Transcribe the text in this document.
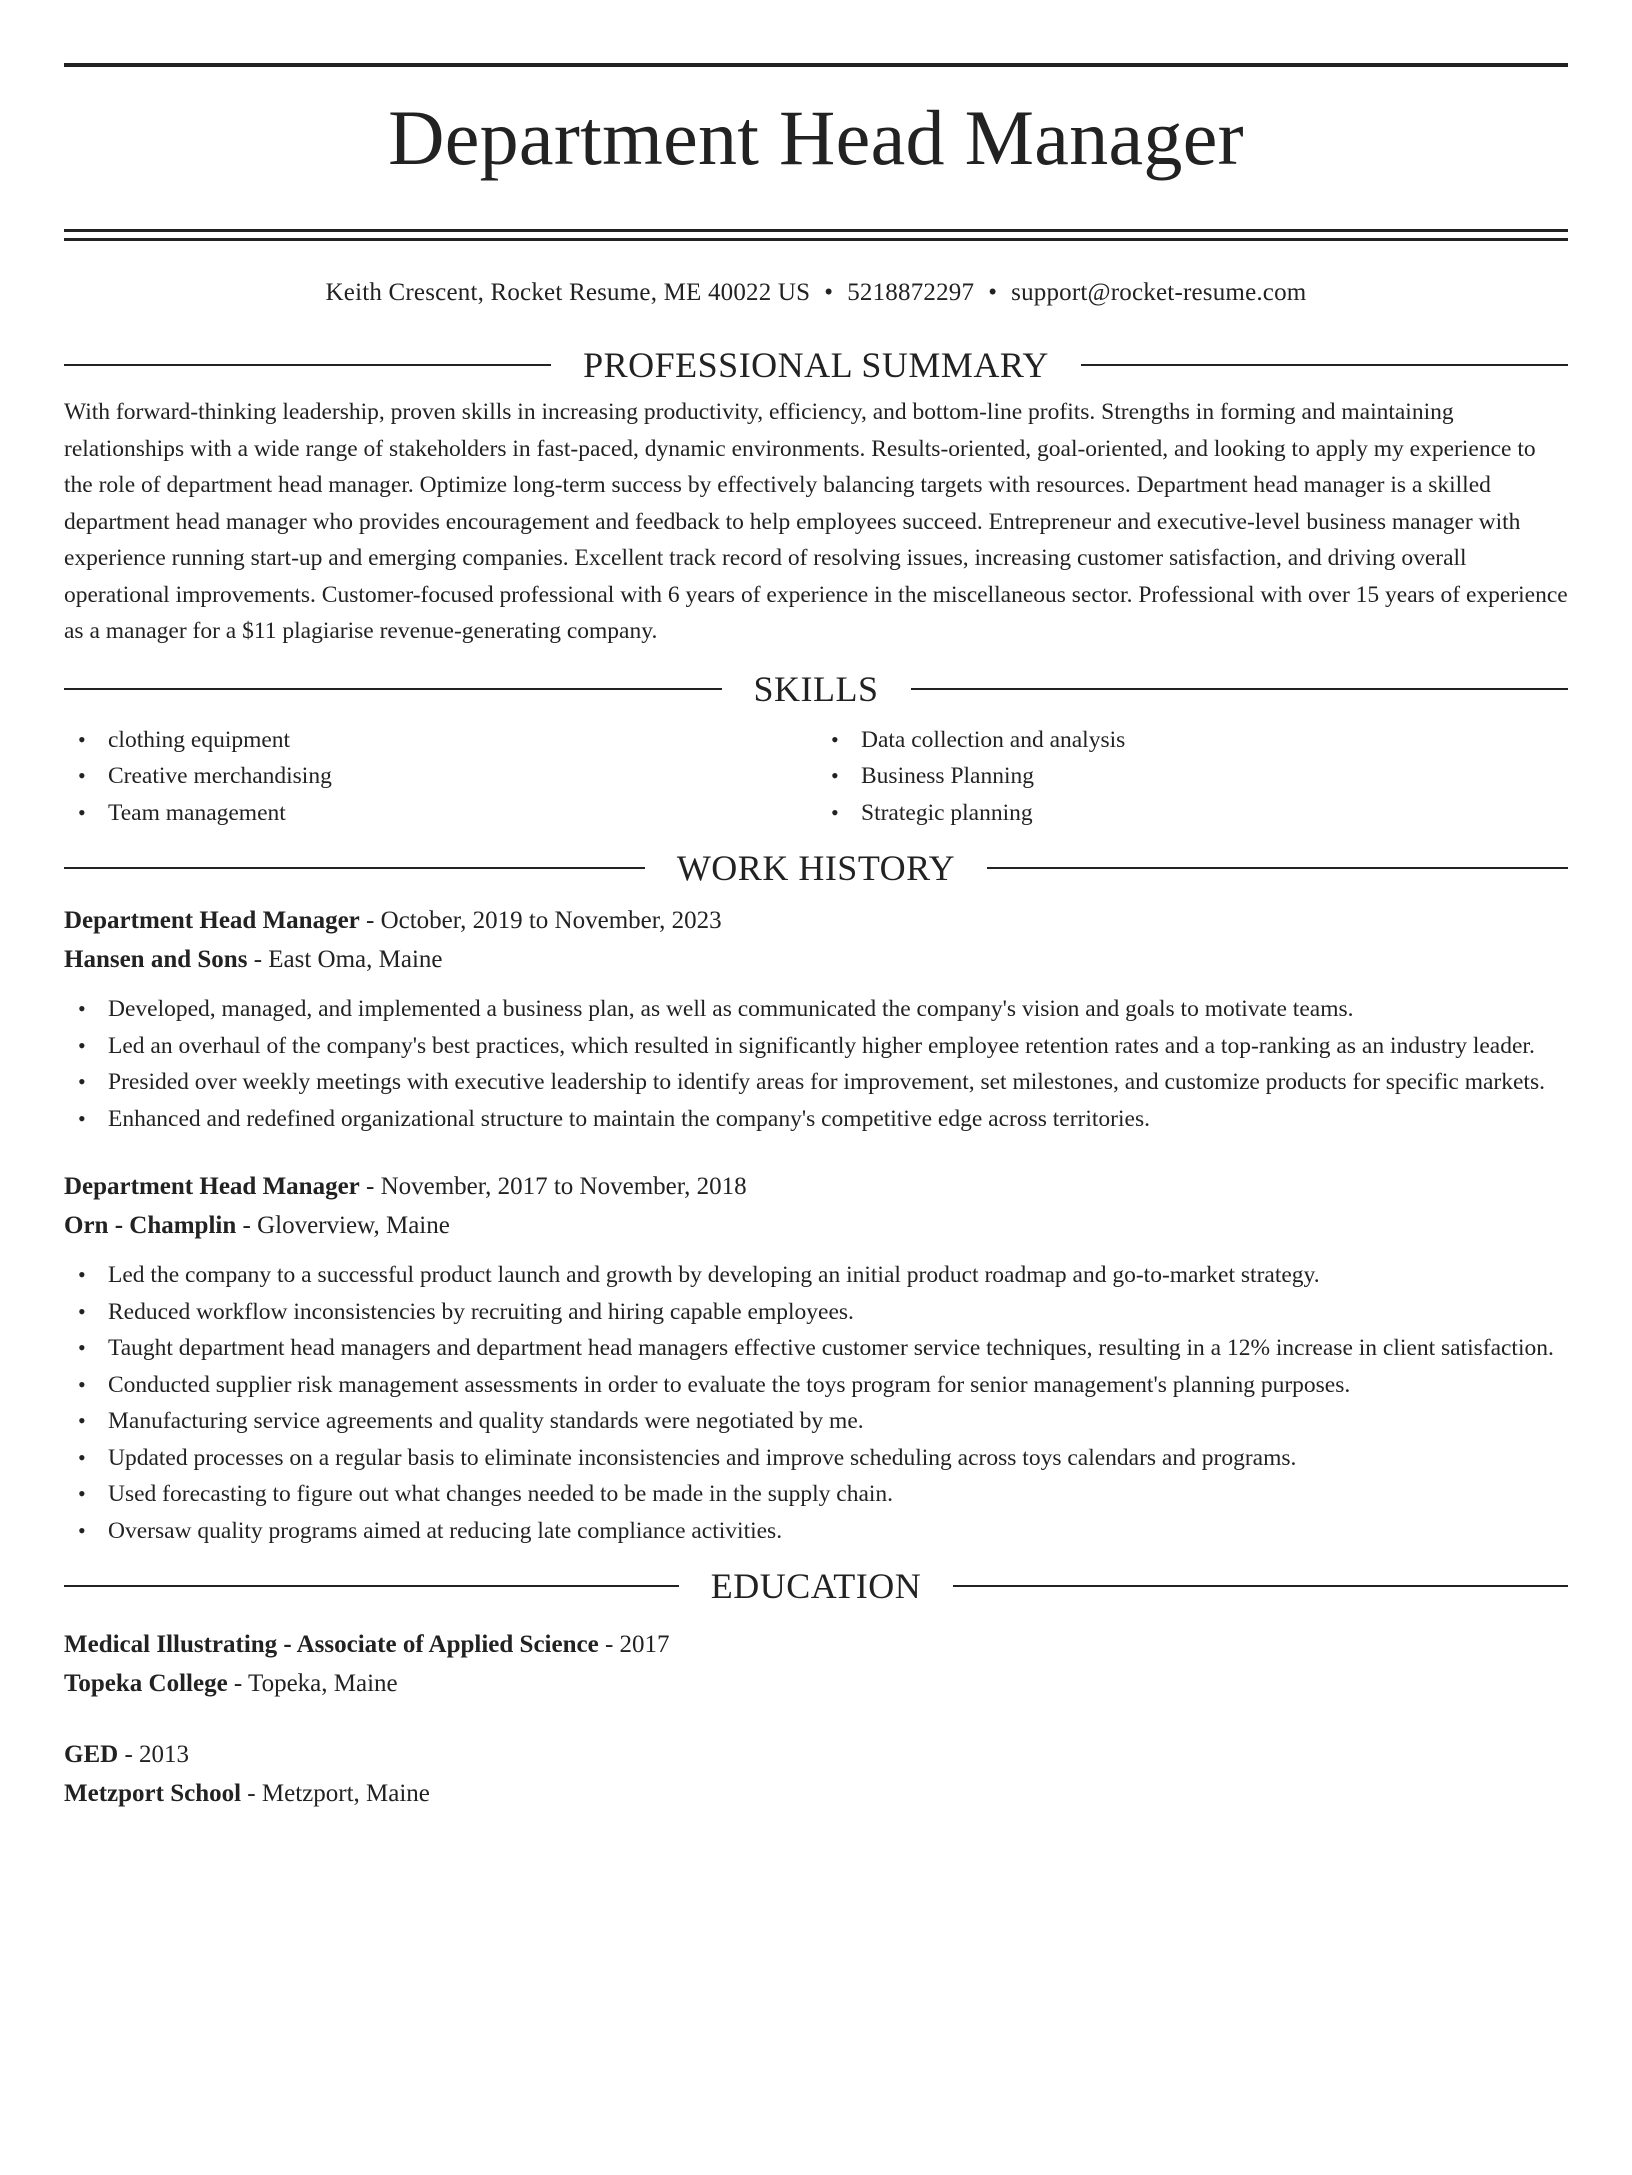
Department Head Manager
Keith Crescent, Rocket Resume, ME 40022 US • 5218872297 • support@rocket-resume.com
PROFESSIONAL SUMMARY
With forward-thinking leadership, proven skills in increasing productivity, efficiency, and bottom-line profits. Strengths in forming and maintaining relationships with a wide range of stakeholders in fast-paced, dynamic environments. Results-oriented, goal-oriented, and looking to apply my experience to the role of department head manager. Optimize long-term success by effectively balancing targets with resources. Department head manager is a skilled department head manager who provides encouragement and feedback to help employees succeed. Entrepreneur and executive-level business manager with experience running start-up and emerging companies. Excellent track record of resolving issues, increasing customer satisfaction, and driving overall operational improvements. Customer-focused professional with 6 years of experience in the miscellaneous sector. Professional with over 15 years of experience as a manager for a $11 plagiarise revenue-generating company.
SKILLS
• clothing equipment
• Creative merchandising
• Team management
• Data collection and analysis
• Business Planning
• Strategic planning
WORK HISTORY
Department Head Manager - October, 2019 to November, 2023
Hansen and Sons - East Oma, Maine
• Developed, managed, and implemented a business plan, as well as communicated the company's vision and goals to motivate teams.
• Led an overhaul of the company's best practices, which resulted in significantly higher employee retention rates and a top-ranking as an industry leader.
• Presided over weekly meetings with executive leadership to identify areas for improvement, set milestones, and customize products for specific markets.
• Enhanced and redefined organizational structure to maintain the company's competitive edge across territories.
Department Head Manager - November, 2017 to November, 2018
Orn - Champlin - Gloverview, Maine
• Led the company to a successful product launch and growth by developing an initial product roadmap and go-to-market strategy.
• Reduced workflow inconsistencies by recruiting and hiring capable employees.
• Taught department head managers and department head managers effective customer service techniques, resulting in a 12% increase in client satisfaction.
• Conducted supplier risk management assessments in order to evaluate the toys program for senior management's planning purposes.
• Manufacturing service agreements and quality standards were negotiated by me.
• Updated processes on a regular basis to eliminate inconsistencies and improve scheduling across toys calendars and programs.
• Used forecasting to figure out what changes needed to be made in the supply chain.
• Oversaw quality programs aimed at reducing late compliance activities.
EDUCATION
Medical Illustrating - Associate of Applied Science - 2017
Topeka College - Topeka, Maine
GED - 2013
Metzport School - Metzport, Maine
